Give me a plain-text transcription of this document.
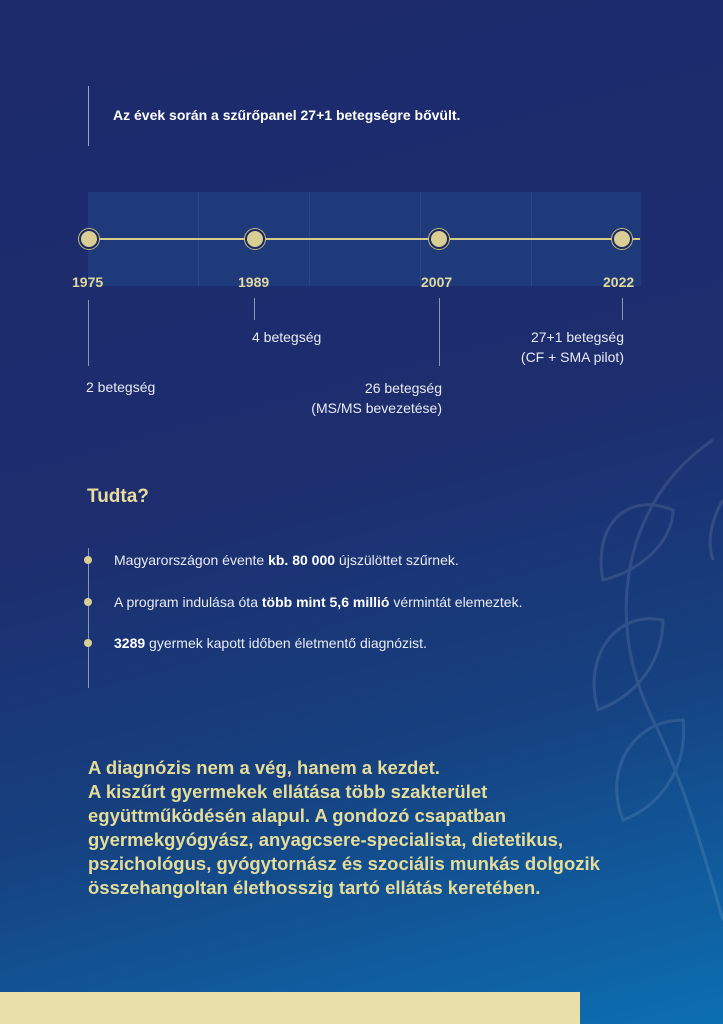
Az évek során a szűrőpanel 27+1 betegségre bővült.
1975	1989	2007	2022
2 betegség
4 betegség
26 betegség
(MS/MS bevezetése)
27+1 betegség
(CF + SMA pilot)
Tudta?
Magyarországon évente kb. 80 000 újszülöttet szűrnek.
A program indulása óta több mint 5,6 millió vérmintát elemeztek.
3289 gyermek kapott időben életmentő diagnózist.
A diagnózis nem a vég, hanem a kezdet.
A kiszűrt gyermekek ellátása több szakterület
együttműködésén alapul. A gondozó csapatban
gyermekgyógyász, anyagcsere-specialista, dietetikus,
pszichológus, gyógytornász és szociális munkás dolgozik
összehangoltan élethosszig tartó ellátás keretében.
